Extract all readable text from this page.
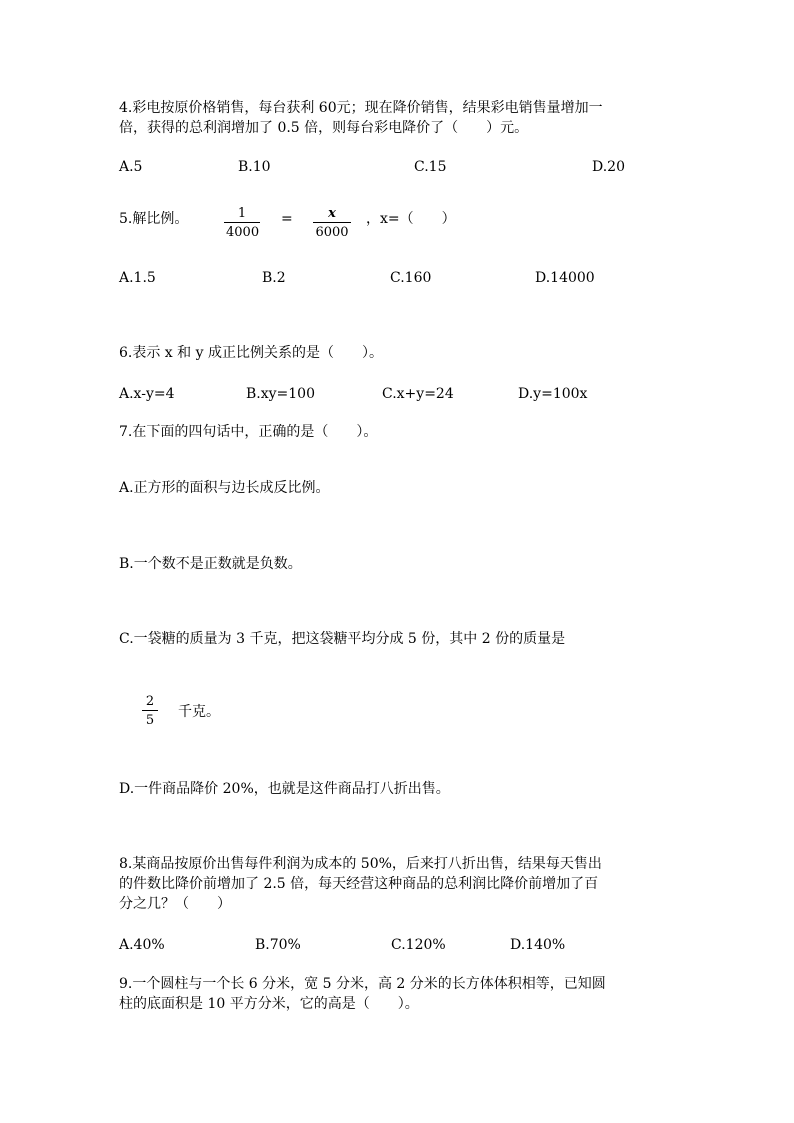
4.彩电按原价格销售，每台获利 60元；现在降价销售，结果彩电销售量增加一
倍，获得的总利润增加了 0.5 倍，则每台彩电降价了（　　）元。
A.5	B.10	C.15	D.20
5.解比例。	1
4000
=	x
6000
，x=（　　）
A.1.5	B.2	C.160	D.14000
6.表示 x 和 y 成正比例关系的是（　　）。
A.x-y=4	B.xy=100	C.x+y=24	D.y=100x
7.在下面的四句话中，正确的是（　　）。
A.正方形的面积与边长成反比例。
B.一个数不是正数就是负数。
C.一袋糖的质量为 3 千克，把这袋糖平均分成 5 份，其中 2 份的质量是
2
5
千克。
D.一件商品降价 20%，也就是这件商品打八折出售。
8.某商品按原价出售每件利润为成本的 50%，后来打八折出售，结果每天售出
的件数比降价前增加了 2.5 倍，每天经营这种商品的总利润比降价前增加了百
分之几？（　　）
A.40%	B.70%	C.120%	D.140%
9.一个圆柱与一个长 6 分米，宽 5 分米，高 2 分米的长方体体积相等，已知圆
柱的底面积是 10 平方分米，它的高是（　　）。
